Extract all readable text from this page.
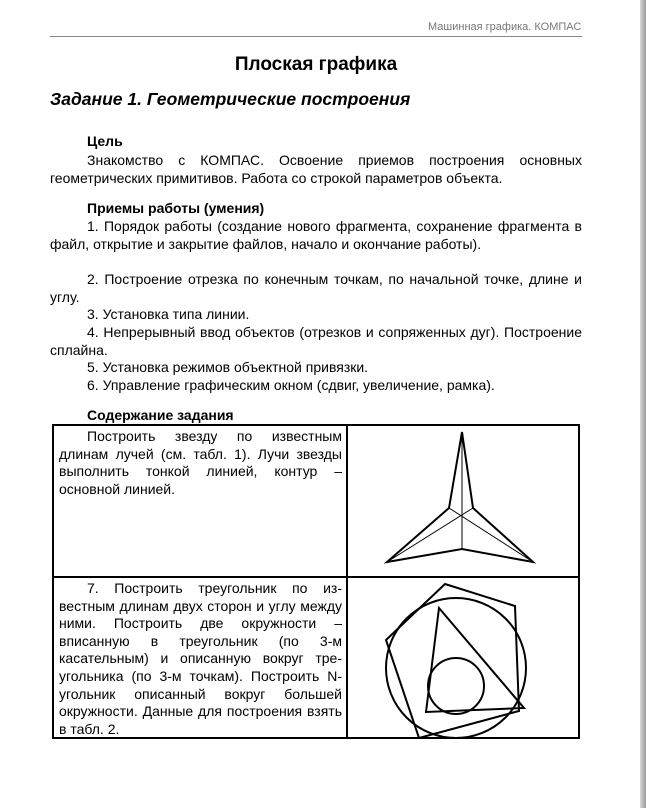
Машинная графика. КОМПАС
Плоская графика
Задание 1. Геометрические построения
Цель

Знакомство с КОМПАС. Освоение приемов построения основных геометрических примитивов. Работа со строкой параметров объекта.

Приемы работы (умения)

1. Порядок работы (создание нового фрагмента, сохранение фрагмента в файл, открытие и закрытие файлов, начало и окончание работы).

2. Построение отрезка по конечным точкам, по начальной точке, длине и углу.

3. Установка типа линии.

4. Непрерывный ввод объектов (отрезков и сопряженных дуг). Построение сплайна.

5. Установка режимов объектной привязки.

6. Управление графическим окном (сдвиг, увеличение, рамка).

Содержание задания

Построить звезду по известным длинам лучей (см. табл. 1). Лучи звезды выполнить тонкой линией, контур – основной линией.

7. Построить треугольник по известным длинам двух сторон и углу между ними. Построить две окружности – вписанную в треугольник (по 3-м касательным) и описанную вокруг треугольника (по 3-м точкам). Построить N-угольник описанный вокруг большей окружности. Данные для построения взять в табл. 2.
